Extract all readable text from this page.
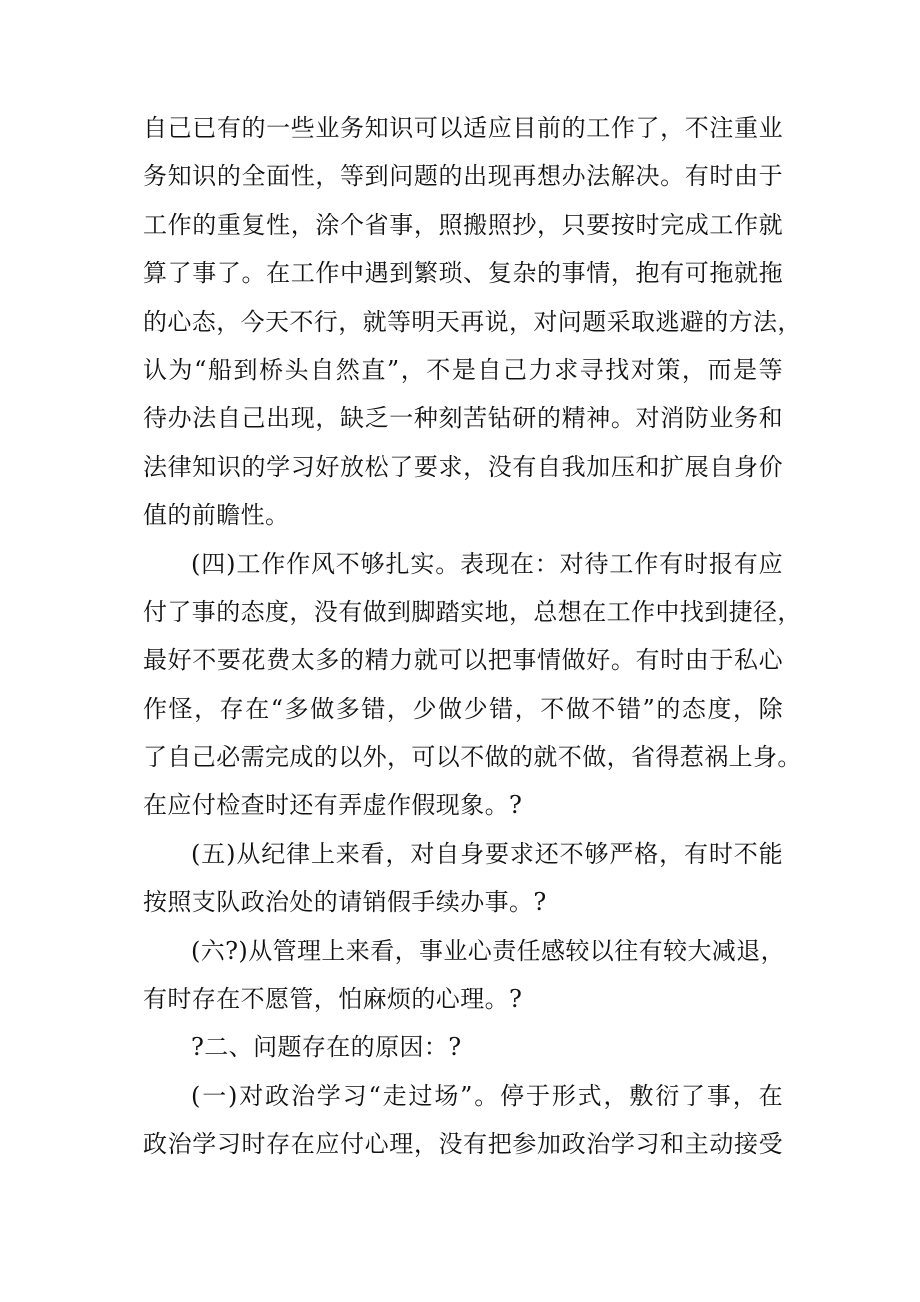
自己已有的一些业务知识可以适应目前的工作了，不注重业
务知识的全面性，等到问题的出现再想办法解决。有时由于
工作的重复性，涂个省事，照搬照抄，只要按时完成工作就
算了事了。在工作中遇到繁琐、复杂的事情，抱有可拖就拖
的心态，今天不行，就等明天再说，对问题采取逃避的方法，
认为“船到桥头自然直”，不是自己力求寻找对策，而是等
待办法自己出现，缺乏一种刻苦钻研的精神。对消防业务和
法律知识的学习好放松了要求，没有自我加压和扩展自身价
值的前瞻性。
(四)工作作风不够扎实。表现在：对待工作有时报有应
付了事的态度，没有做到脚踏实地，总想在工作中找到捷径，
最好不要花费太多的精力就可以把事情做好。有时由于私心
作怪，存在“多做多错，少做少错，不做不错”的态度，除
了自己必需完成的以外，可以不做的就不做，省得惹祸上身。
在应付检查时还有弄虚作假现象。?
(五)从纪律上来看，对自身要求还不够严格，有时不能
按照支队政治处的请销假手续办事。?
(六?)从管理上来看，事业心责任感较以往有较大减退，
有时存在不愿管，怕麻烦的心理。?
?二、问题存在的原因：?
(一)对政治学习“走过场”。停于形式，敷衍了事，在
政治学习时存在应付心理，没有把参加政治学习和主动接受
